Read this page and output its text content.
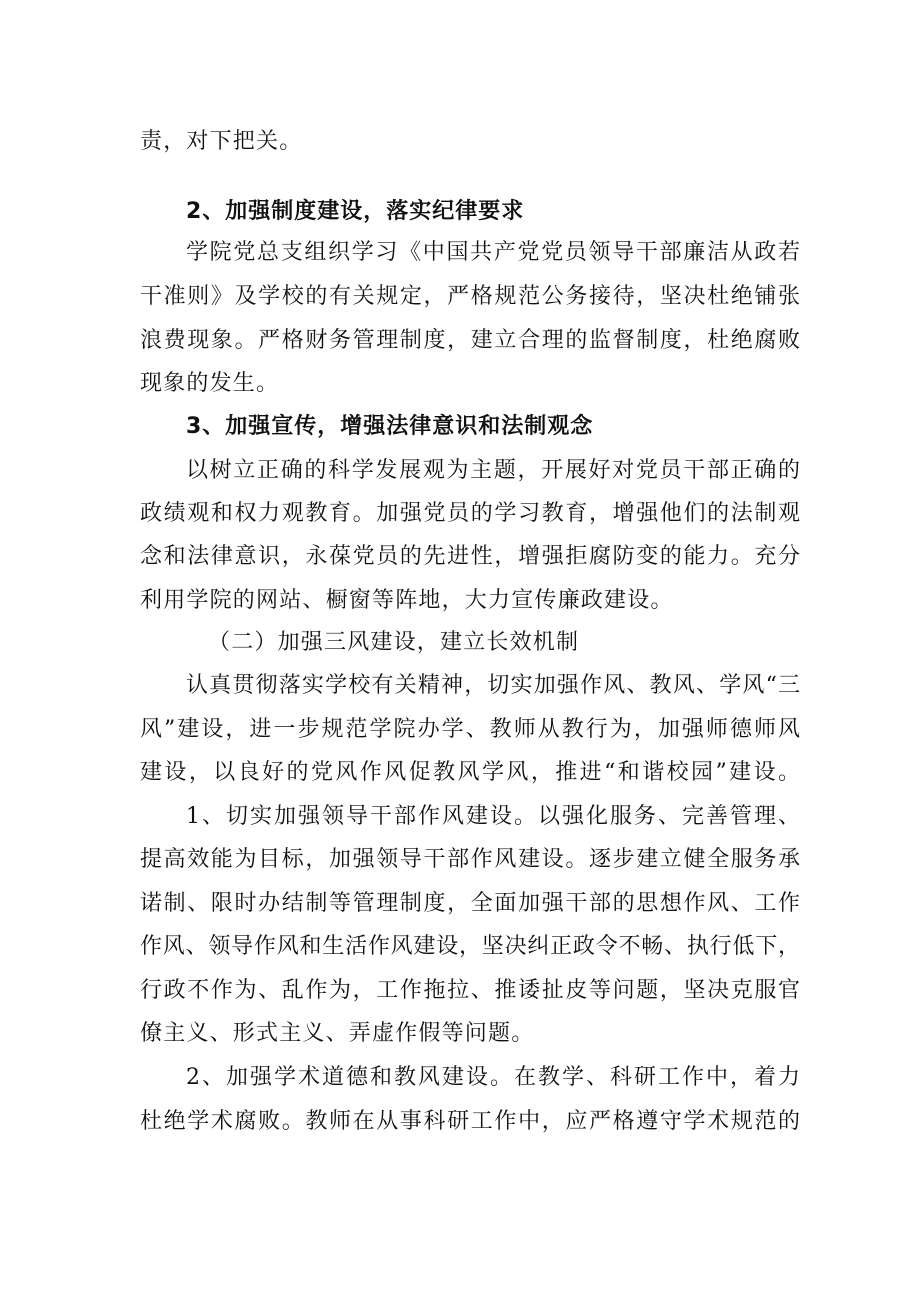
责，对下把关。
2、加强制度建设，落实纪律要求
学院党总支组织学习《中国共产党党员领导干部廉洁从政若
干准则》及学校的有关规定，严格规范公务接待，坚决杜绝铺张
浪费现象。严格财务管理制度，建立合理的监督制度，杜绝腐败
现象的发生。
3、加强宣传，增强法律意识和法制观念
以树立正确的科学发展观为主题，开展好对党员干部正确的
政绩观和权力观教育。加强党员的学习教育，增强他们的法制观
念和法律意识，永葆党员的先进性，增强拒腐防变的能力。充分
利用学院的网站、橱窗等阵地，大力宣传廉政建设。
（二）加强三风建设，建立长效机制
认真贯彻落实学校有关精神，切实加强作风、教风、学风“三
风”建设，进一步规范学院办学、教师从教行为，加强师德师风
建设，以良好的党风作风促教风学风，推进“和谐校园”建设。
1、切实加强领导干部作风建设。以强化服务、完善管理、
提高效能为目标，加强领导干部作风建设。逐步建立健全服务承
诺制、限时办结制等管理制度，全面加强干部的思想作风、工作
作风、领导作风和生活作风建设，坚决纠正政令不畅、执行低下，
行政不作为、乱作为，工作拖拉、推诿扯皮等问题，坚决克服官
僚主义、形式主义、弄虚作假等问题。
2、加强学术道德和教风建设。在教学、科研工作中，着力
杜绝学术腐败。教师在从事科研工作中，应严格遵守学术规范的
